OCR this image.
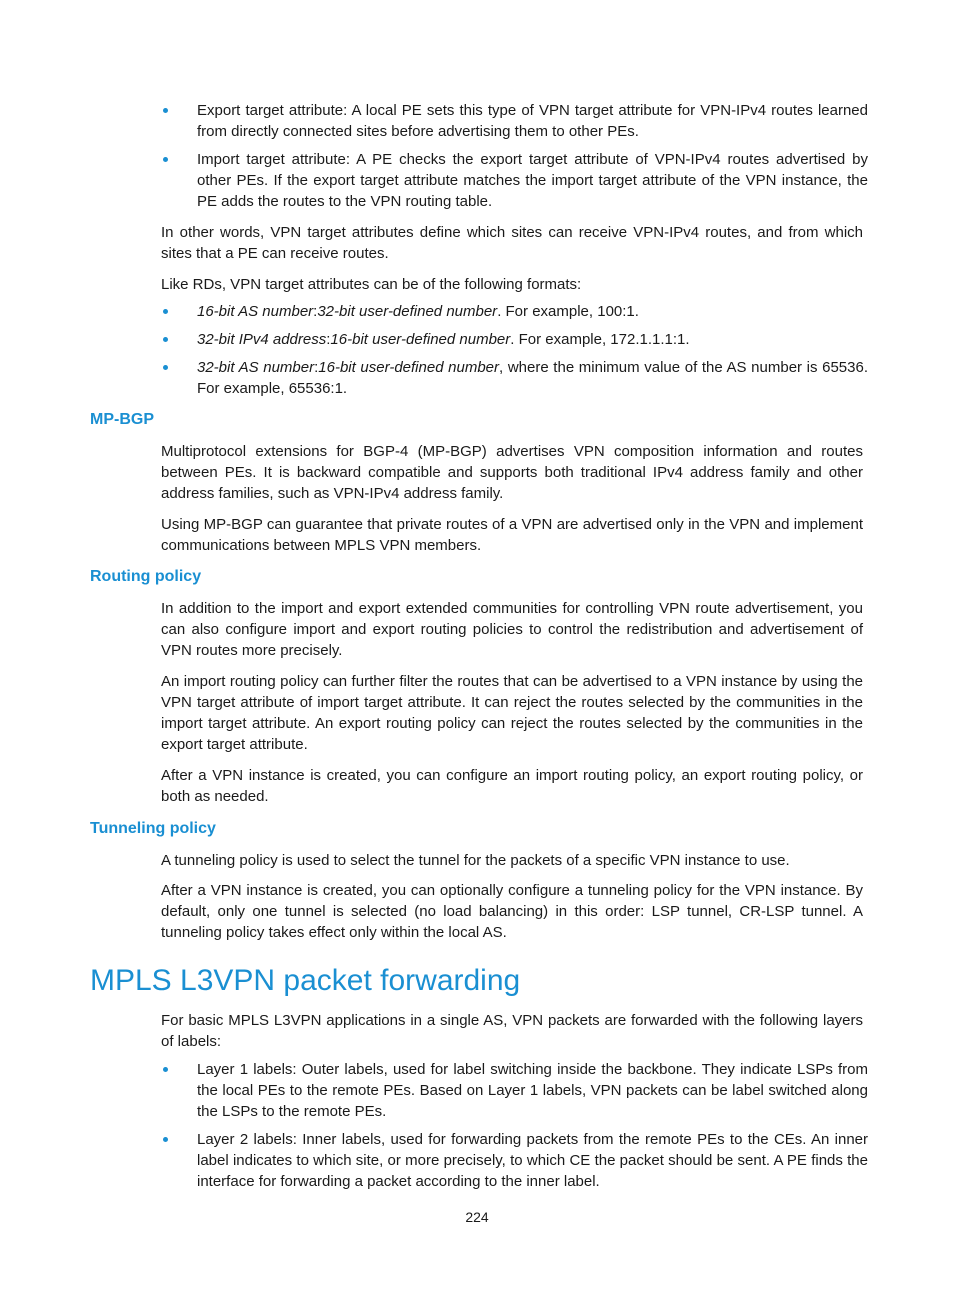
Export target attribute: A local PE sets this type of VPN target attribute for VPN-IPv4 routes learned from directly connected sites before advertising them to other PEs.
Import target attribute: A PE checks the export target attribute of VPN-IPv4 routes advertised by other PEs. If the export target attribute matches the import target attribute of the VPN instance, the PE adds the routes to the VPN routing table.

In other words, VPN target attributes define which sites can receive VPN-IPv4 routes, and from which sites that a PE can receive routes.

Like RDs, VPN target attributes can be of the following formats:

16-bit AS number:32-bit user-defined number. For example, 100:1.
32-bit IPv4 address:16-bit user-defined number. For example, 172.1.1.1:1.
32-bit AS number:16-bit user-defined number, where the minimum value of the AS number is 65536. For example, 65536:1.
MP-BGP

Multiprotocol extensions for BGP-4 (MP-BGP) advertises VPN composition information and routes between PEs. It is backward compatible and supports both traditional IPv4 address family and other address families, such as VPN-IPv4 address family.

Using MP-BGP can guarantee that private routes of a VPN are advertised only in the VPN and implement communications between MPLS VPN members.

Routing policy

In addition to the import and export extended communities for controlling VPN route advertisement, you can also configure import and export routing policies to control the redistribution and advertisement of VPN routes more precisely.

An import routing policy can further filter the routes that can be advertised to a VPN instance by using the VPN target attribute of import target attribute. It can reject the routes selected by the communities in the import target attribute. An export routing policy can reject the routes selected by the communities in the export target attribute.

After a VPN instance is created, you can configure an import routing policy, an export routing policy, or both as needed.

Tunneling policy

A tunneling policy is used to select the tunnel for the packets of a specific VPN instance to use.

After a VPN instance is created, you can optionally configure a tunneling policy for the VPN instance. By default, only one tunnel is selected (no load balancing) in this order: LSP tunnel, CR-LSP tunnel. A tunneling policy takes effect only within the local AS.

MPLS L3VPN packet forwarding

For basic MPLS L3VPN applications in a single AS, VPN packets are forwarded with the following layers of labels:

Layer 1 labels: Outer labels, used for label switching inside the backbone. They indicate LSPs from the local PEs to the remote PEs. Based on Layer 1 labels, VPN packets can be label switched along the LSPs to the remote PEs.
Layer 2 labels: Inner labels, used for forwarding packets from the remote PEs to the CEs. An inner label indicates to which site, or more precisely, to which CE the packet should be sent. A PE finds the interface for forwarding a packet according to the inner label.
224
